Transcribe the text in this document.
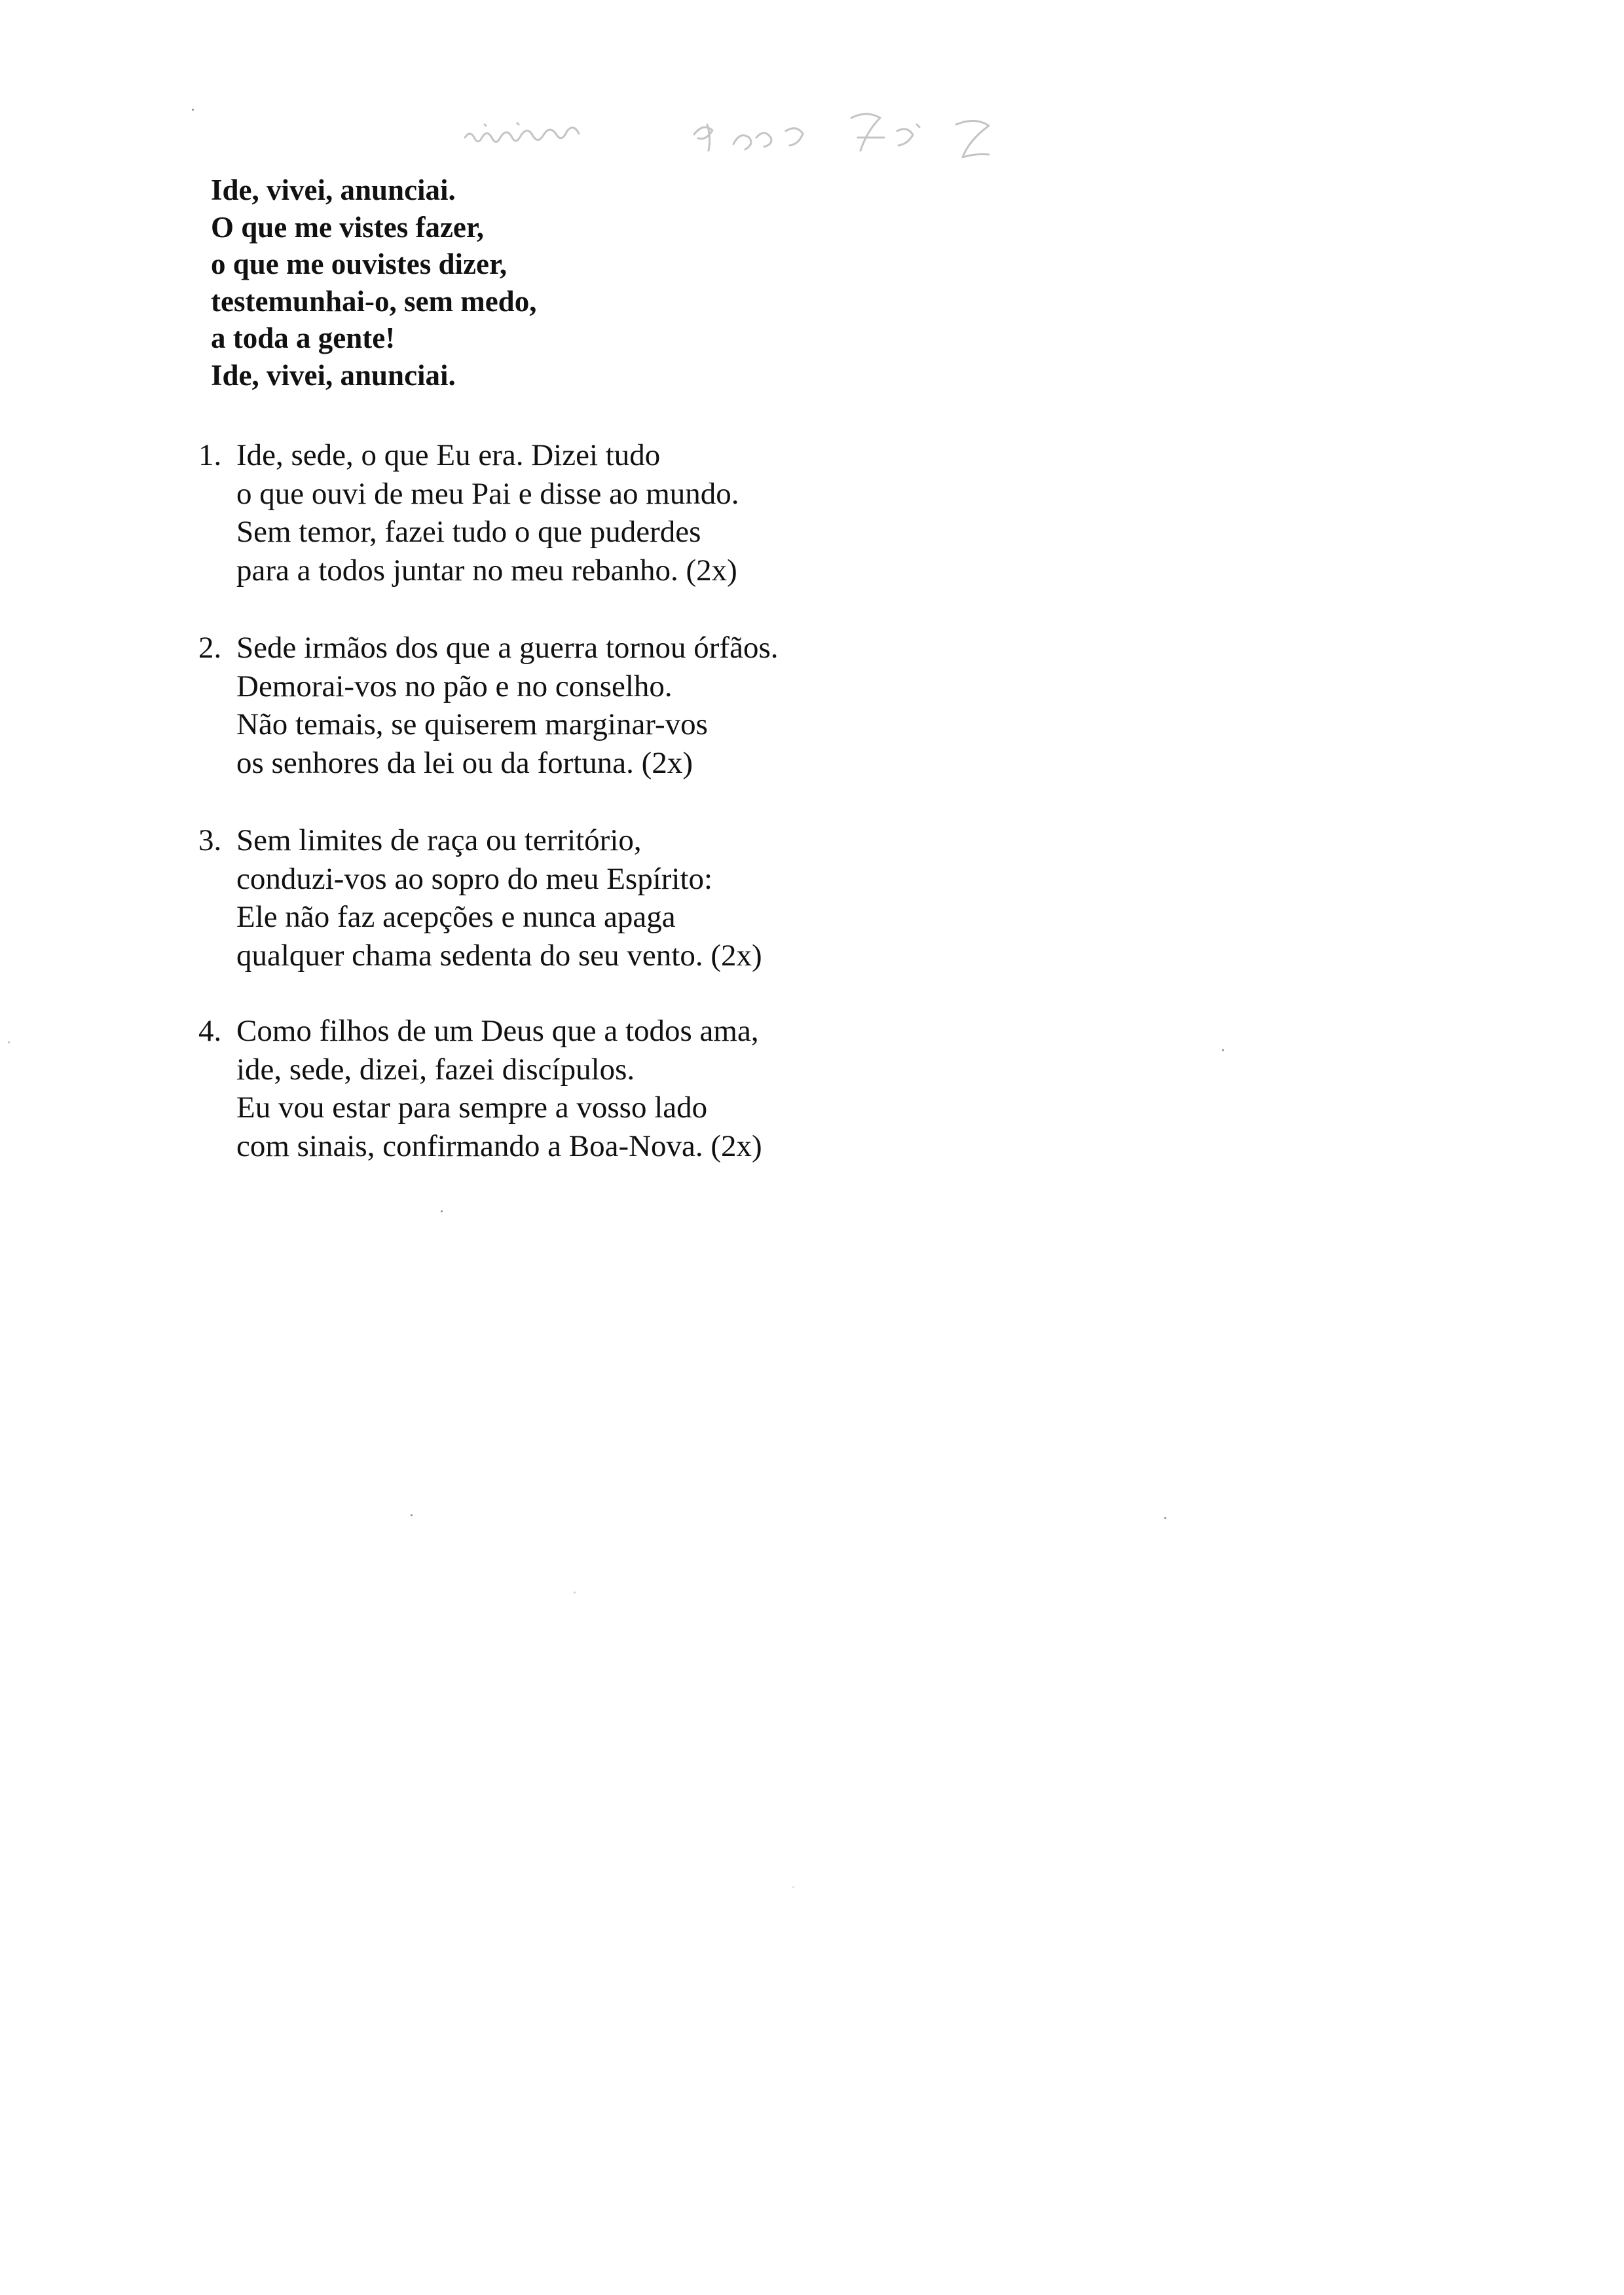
Ide, vivei, anunciai.
O que me vistes fazer,
o que me ouvistes dizer,
testemunhai-o, sem medo,
a toda a gente!
Ide, vivei, anunciai.
1. Ide, sede, o que Eu era. Dizei tudo
o que ouvi de meu Pai e disse ao mundo.
Sem temor, fazei tudo o que puderdes
para a todos juntar no meu rebanho. (2x)
2. Sede irmãos dos que a guerra tornou órfãos.
Demorai-vos no pão e no conselho.
Não temais, se quiserem marginar-vos
os senhores da lei ou da fortuna. (2x)
3. Sem limites de raça ou território,
conduzi-vos ao sopro do meu Espírito:
Ele não faz acepções e nunca apaga
qualquer chama sedenta do seu vento. (2x)
4. Como filhos de um Deus que a todos ama,
ide, sede, dizei, fazei discípulos.
Eu vou estar para sempre a vosso lado
com sinais, confirmando a Boa-Nova. (2x)
